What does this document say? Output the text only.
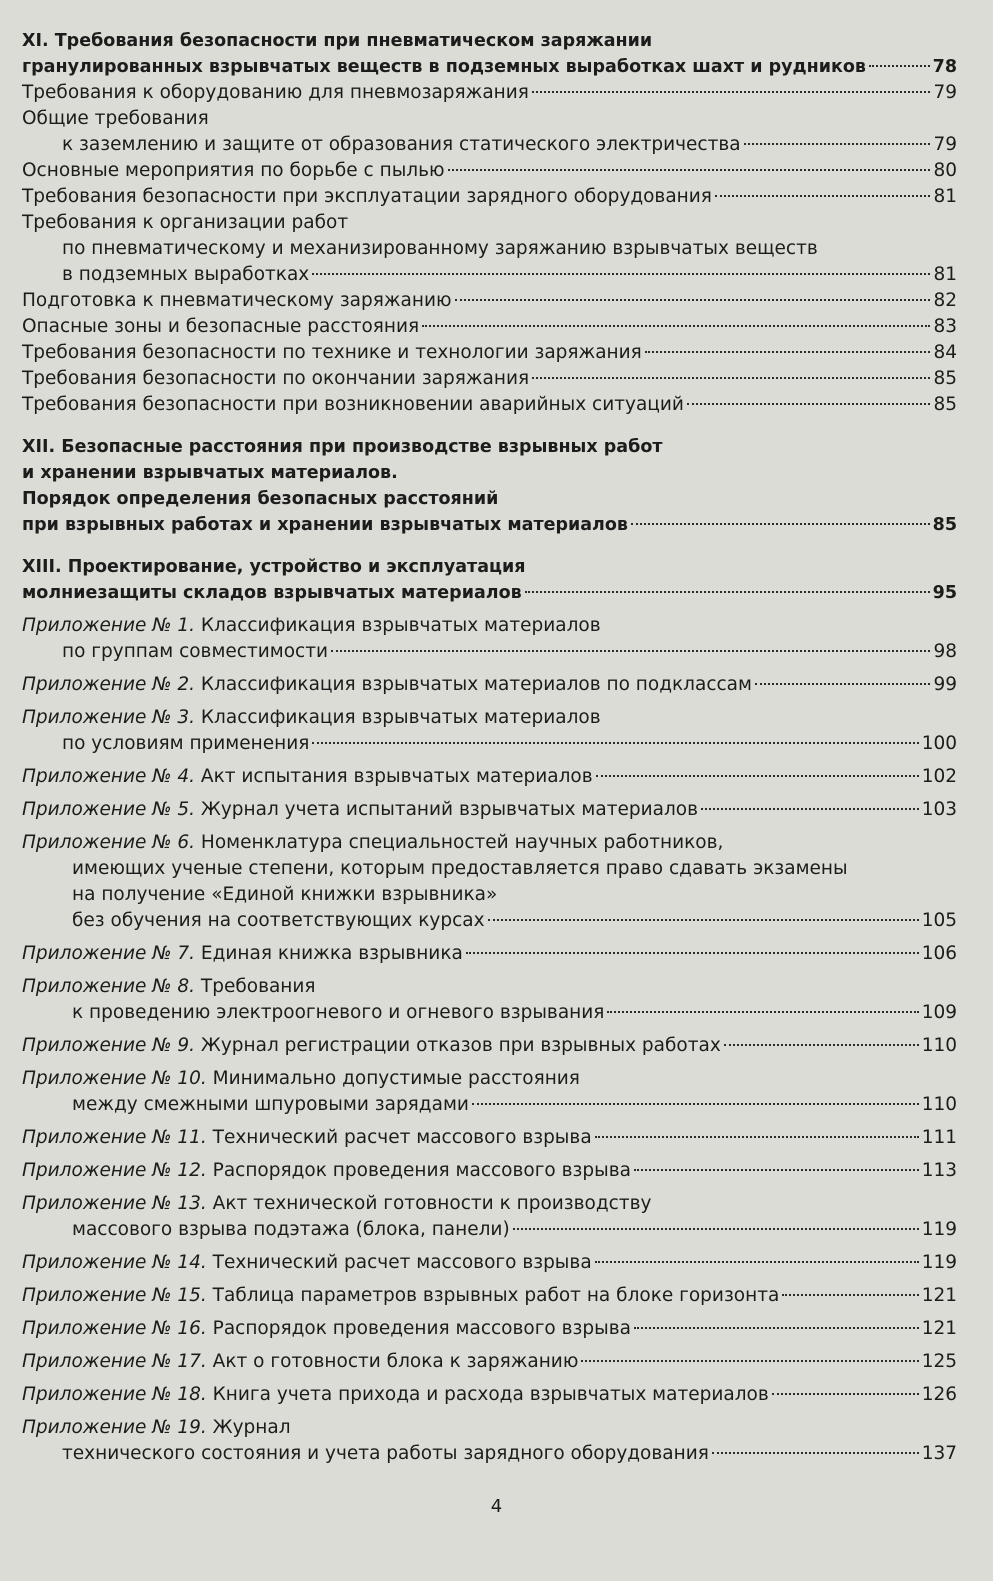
XI. Требования безопасности при пневматическом заряжании
гранулированных взрывчатых веществ в подземных выработках шахт и рудников	78
Требования к оборудованию для пневмозаряжания	79
Общие требования
к заземлению и защите от образования статического электричества	79
Основные мероприятия по борьбе с пылью	80
Требования безопасности при эксплуатации зарядного оборудования	81
Требования к организации работ
по пневматическому и механизированному заряжанию взрывчатых веществ
в подземных выработках	81
Подготовка к пневматическому заряжанию	82
Опасные зоны и безопасные расстояния	83
Требования безопасности по технике и технологии заряжания	84
Требования безопасности по окончании заряжания	85
Требования безопасности при возникновении аварийных ситуаций	85
XII. Безопасные расстояния при производстве взрывных работ
и хранении взрывчатых материалов.
Порядок определения безопасных расстояний
при взрывных работах и хранении взрывчатых материалов	85
XIII. Проектирование, устройство и эксплуатация
молниезащиты складов взрывчатых материалов	95
Приложение № 1. Классификация взрывчатых материалов
по группам совместимости	98
Приложение № 2. Классификация взрывчатых материалов по подклассам	99
Приложение № 3. Классификация взрывчатых материалов
по условиям применения	100
Приложение № 4. Акт испытания взрывчатых материалов	102
Приложение № 5. Журнал учета испытаний взрывчатых материалов	103
Приложение № 6. Номенклатура специальностей научных работников,
имеющих ученые степени, которым предоставляется право сдавать экзамены
на получение «Единой книжки взрывника»
без обучения на соответствующих курсах	105
Приложение № 7. Единая книжка взрывника	106
Приложение № 8. Требования
к проведению электроогневого и огневого взрывания	109
Приложение № 9. Журнал регистрации отказов при взрывных работах	110
Приложение № 10. Минимально допустимые расстояния
между смежными шпуровыми зарядами	110
Приложение № 11. Технический расчет массового взрыва	111
Приложение № 12. Распорядок проведения массового взрыва	113
Приложение № 13. Акт технической готовности к производству
массового взрыва подэтажа (блока, панели)	119
Приложение № 14. Технический расчет массового взрыва	119
Приложение № 15. Таблица параметров взрывных работ на блоке горизонта	121
Приложение № 16. Распорядок проведения массового взрыва	121
Приложение № 17. Акт о готовности блока к заряжанию	125
Приложение № 18. Книга учета прихода и расхода взрывчатых материалов	126
Приложение № 19. Журнал
технического состояния и учета работы зарядного оборудования	137
4
